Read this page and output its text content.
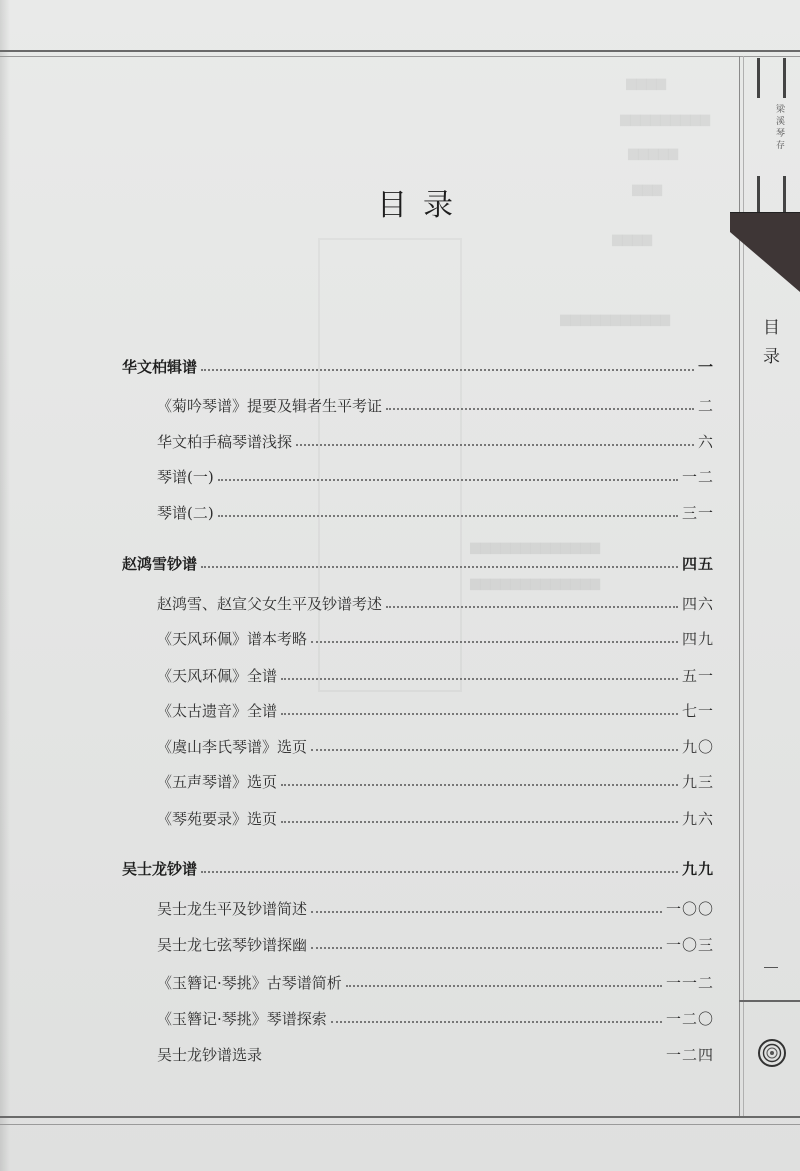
▆▆▆▆
▆▆▆▆▆▆▆▆▆
▆▆▆▆▆
▆▆▆
▆▆▆▆
▆▆▆▆▆▆▆▆▆▆▆
▆▆▆▆▆▆▆▆▆▆▆▆▆
▆▆▆▆▆▆▆▆▆▆▆▆▆
梁溪琴存
目录
目录
华文柏辑谱	一
《菊吟琴谱》提要及辑者生平考证	二
华文柏手稿琴谱浅探	六
琴谱(一)	一二
琴谱(二)	三一
赵鸿雪钞谱	四五
赵鸿雪、赵宣父女生平及钞谱考述	四六
《天风环佩》谱本考略	四九
《天风环佩》全谱	五一
《太古遗音》全谱	七一
《虞山李氏琴谱》选页	九〇
《五声琴谱》选页	九三
《琴苑要录》选页	九六
吴士龙钞谱	九九
吴士龙生平及钞谱简述	一〇〇
吴士龙七弦琴钞谱探幽	一〇三
《玉簪记·琴挑》古琴谱简析	一一二
《玉簪记·琴挑》琴谱探索	一二〇
吴士龙钞谱选录	一二四
